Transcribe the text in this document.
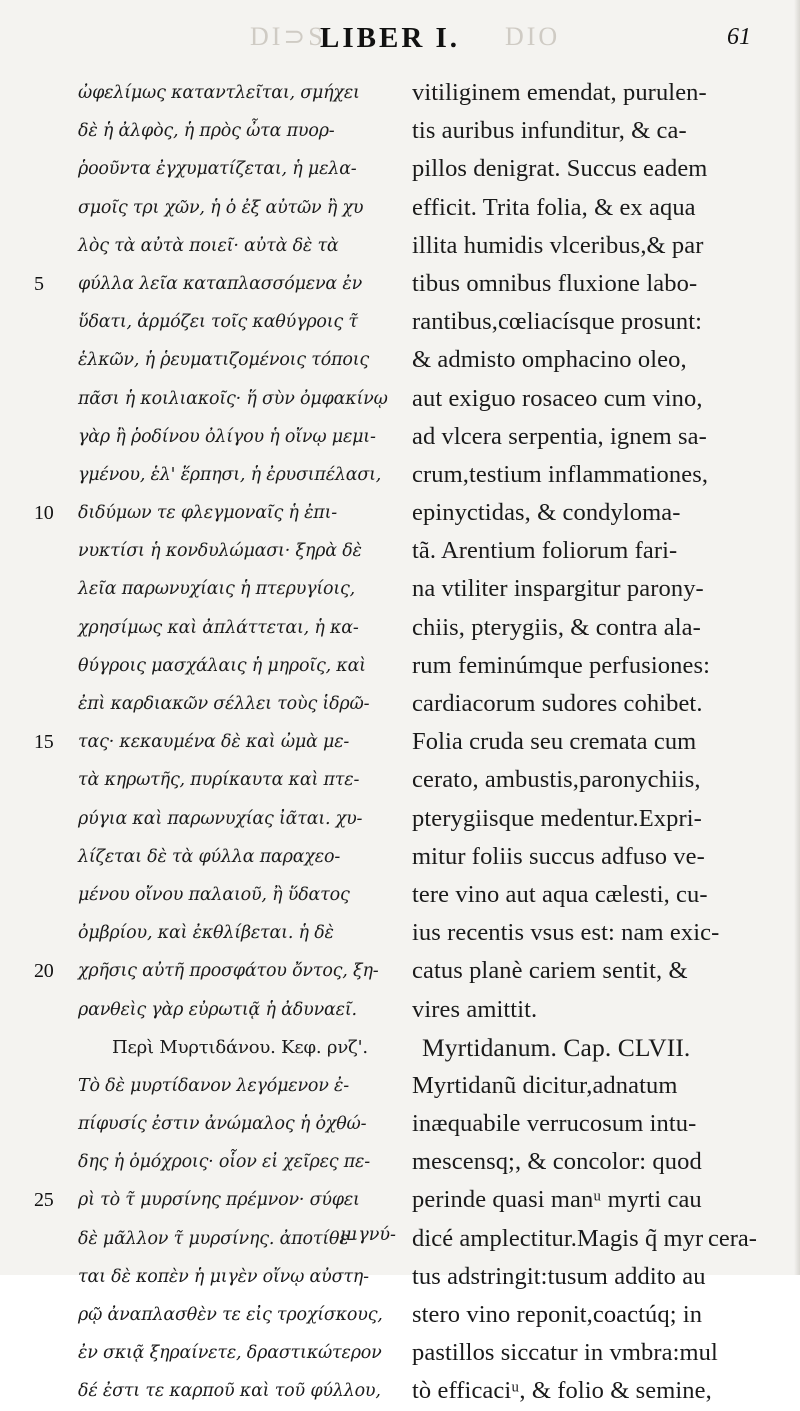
DI⊃S	DIO
LIBER I.	61
ὠφελίμως καταντλεῖται, σμήχει
δὲ ἡ ἀλφὸς, ἡ πρὸς ὦτα πυορ-
ῥοοῦντα ἐγχυματίζεται, ἡ μελα-
σμοῖς τρι χῶν, ἡ ὁ ἐξ αὐτῶν ἢ χυ
λὸς τὰ αὐτὰ ποιεῖ· αὐτὰ δὲ τὰ
φύλλα λεῖα καταπλασσόμενα ἐν
5
ὕδατι, ἁρμόζει τοῖς καθύγροις τ̃
ἑλκῶν, ἡ ῥευματιζομένοις τόποις
πᾶσι ἡ κοιλιακοῖς· ἥ σὺν ὀμφακίνῳ
γὰρ ἢ ῥοδίνου ὀλίγου ἡ οἴνῳ μεμι-
γμένου, ἑλ' ἕρπησι, ἡ ἐρυσιπέλασι,
διδύμων τε φλεγμοναῖς ἡ ἐπι-
10
νυκτίσι ἡ κονδυλώμασι· ξηρὰ δὲ
λεῖα παρωνυχίαις ἡ πτερυγίοις,
χρησίμως καὶ ἀπλάττεται, ἡ κα-
θύγροις μασχάλαις ἡ μηροῖς, καὶ
ἐπὶ καρδιακῶν σέλλει τοὺς ἱδρῶ-
τας· κεκαυμένα δὲ καὶ ὠμὰ με-
15
τὰ κηρωτῆς, πυρίκαυτα καὶ πτε-
ρύγια καὶ παρωνυχίας ἰᾶται. χυ-
λίζεται δὲ τὰ φύλλα παραχεο-
μένου οἴνου παλαιοῦ, ἢ ὕδατος
ὀμβρίου, καὶ ἐκθλίβεται. ἡ δὲ
χρῆσις αὐτῆ προσφάτου ὄντος, ξη-
20
ρανθεὶς γὰρ εὐρωτιᾷ ἡ ἀδυναεῖ.
Περὶ Μυρτιδάνου. Κεφ. ρνζ'.
Τὸ δὲ μυρτίδανον λεγόμενον ἐ-
πίφυσίς ἐστιν ἀνώμαλος ἡ ὀχθώ-
δης ἡ ὁμόχροις· οἷον εἰ χεῖρες πε-
ρὶ τὸ τ̃ μυρσίνης πρέμνον· σύφει
25
δὲ μᾶλλον τ̃ μυρσίνης. ἀποτίθε-
ται δὲ κοπὲν ἡ μιγὲν οἴνῳ αὐστη-
ρῷ ἀναπλασθὲν τε εἰς τροχίσκους,
ἐν σκιᾷ ξηραίνετε, δραστικώτερον
δέ ἐστι τε καρποῦ καὶ τοῦ φύλλου,
vitiliginem emendat, purulen-
tis auribus infunditur, & ca-
pillos denigrat. Succus eadem
efficit. Trita folia, & ex aqua
illita humidis vlceribus,& par
tibus omnibus fluxione labo-
rantibus,cœliacísque prosunt:
& admisto omphacino oleo,
aut exiguo rosaceo cum vino,
ad vlcera serpentia, ignem sa-
crum,testium inflammationes,
epinyctidas, & condyloma-
tã. Arentium foliorum fari-
na vtiliter inspargitur parony-
chiis, pterygiis, & contra ala-
rum feminúmque perfusiones:
cardiacorum sudores cohibet.
Folia cruda seu cremata cum
cerato, ambustis,paronychiis,
pterygiisque medentur.Expri-
mitur foliis succus adfuso ve-
tere vino aut aqua cælesti, cu-
ius recentis vsus est: nam exic-
catus planè cariem sentit, &
vires amittit.
Myrtidanum. Cap. CLVII.
Myrtidanũ dicitur,adnatum
inæquabile verrucosum intu-
mescensq;, & concolor: quod
perinde quasi manᵘ myrti cau
dicé amplectitur.Magis q̃ myr
tus adstringit:tusum addito au
stero vino reponit,coactúq; in
pastillos siccatur in vmbra:mul
tò efficaciᵘ, & folio & semine,
μιγνύ-	cera-
